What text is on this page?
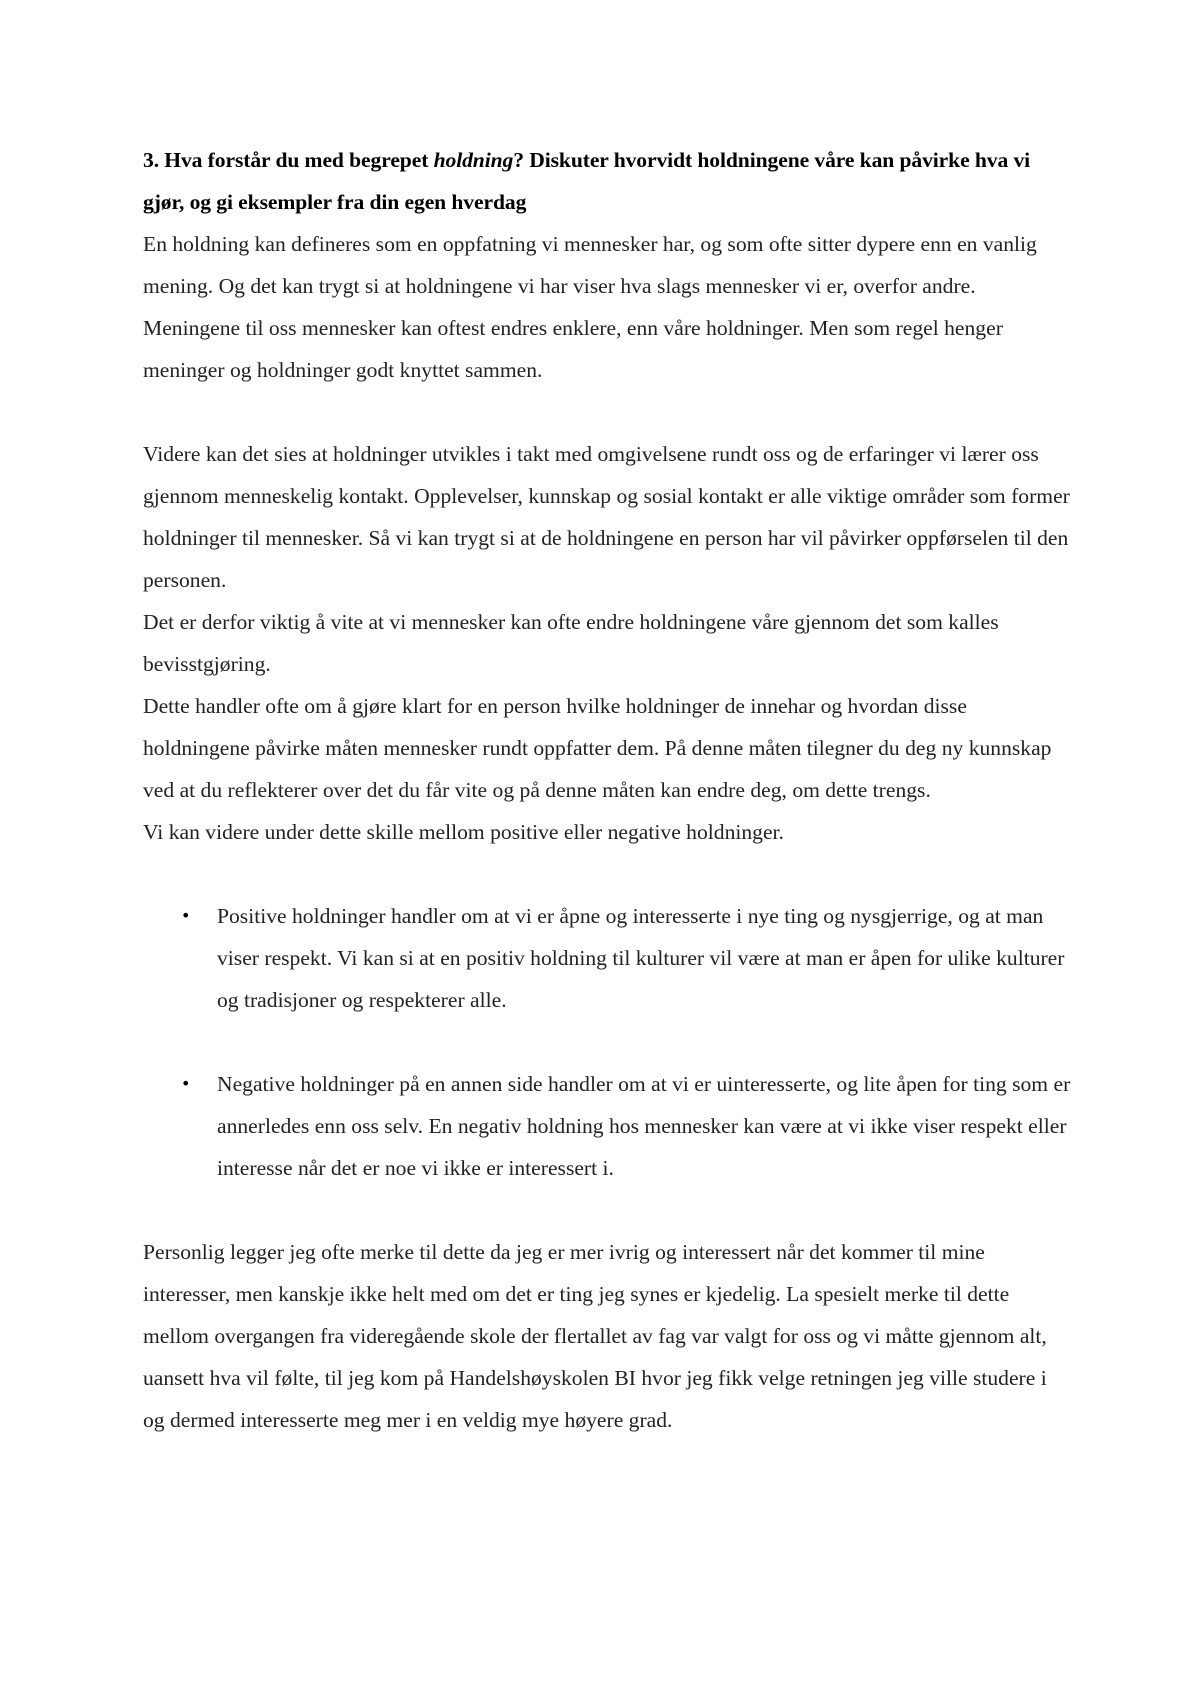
3. Hva forstår du med begrepet holdning? Diskuter hvorvidt holdningene våre kan påvirke hva vi gjør, og gi eksempler fra din egen hverdag

En holdning kan defineres som en oppfatning vi mennesker har, og som ofte sitter dypere enn en vanlig mening. Og det kan trygt si at holdningene vi har viser hva slags mennesker vi er, overfor andre. Meningene til oss mennesker kan oftest endres enklere, enn våre holdninger. Men som regel henger meninger og holdninger godt knyttet sammen.

Videre kan det sies at holdninger utvikles i takt med omgivelsene rundt oss og de erfaringer vi lærer oss gjennom menneskelig kontakt. Opplevelser, kunnskap og sosial kontakt er alle viktige områder som former holdninger til mennesker. Så vi kan trygt si at de holdningene en person har vil påvirker oppførselen til den personen.

Det er derfor viktig å vite at vi mennesker kan ofte endre holdningene våre gjennom det som kalles bevisstgjøring.

Dette handler ofte om å gjøre klart for en person hvilke holdninger de innehar og hvordan disse holdningene påvirke måten mennesker rundt oppfatter dem. På denne måten tilegner du deg ny kunnskap ved at du reflekterer over det du får vite og på denne måten kan endre deg, om dette trengs.

Vi kan videre under dette skille mellom positive eller negative holdninger.

• Positive holdninger handler om at vi er åpne og interesserte i nye ting og nysgjerrige, og at man viser respekt. Vi kan si at en positiv holdning til kulturer vil være at man er åpen for ulike kulturer og tradisjoner og respekterer alle.
• Negative holdninger på en annen side handler om at vi er uinteresserte, og lite åpen for ting som er annerledes enn oss selv. En negativ holdning hos mennesker kan være at vi ikke viser respekt eller interesse når det er noe vi ikke er interessert i.

Personlig legger jeg ofte merke til dette da jeg er mer ivrig og interessert når det kommer til mine interesser, men kanskje ikke helt med om det er ting jeg synes er kjedelig. La spesielt merke til dette mellom overgangen fra videregående skole der flertallet av fag var valgt for oss og vi måtte gjennom alt, uansett hva vil følte, til jeg kom på Handelshøyskolen BI hvor jeg fikk velge retningen jeg ville studere i og dermed interesserte meg mer i en veldig mye høyere grad.
